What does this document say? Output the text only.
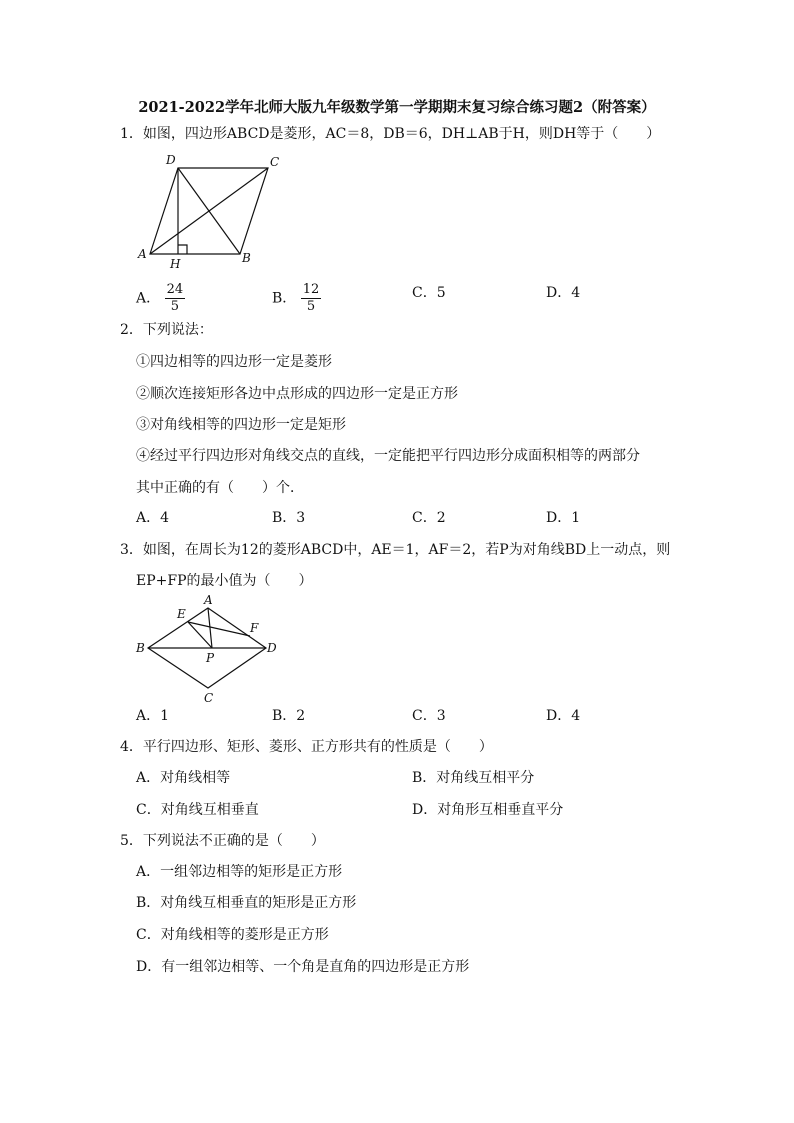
2021-2022学年北师大版九年级数学第一学期期末复习综合练习题2（附答案）
1．如图，四边形ABCD是菱形，AC＝8，DB＝6，DH⊥AB于H，则DH等于（　　）
D	C
A
H	B
A． $\frac{24}{5}$	B． $\frac{12}{5}$	C．5	D．4
2．下列说法：
①四边相等的四边形一定是菱形
②顺次连接矩形各边中点形成的四边形一定是正方形
③对角线相等的四边形一定是矩形
④经过平行四边形对角线交点的直线，一定能把平行四边形分成面积相等的两部分
其中正确的有（　　）个．
A．4	B．3	C．2	D．1
3．如图，在周长为12的菱形ABCD中，AE＝1，AF＝2，若P为对角线BD上一动点，则
EP+FP的最小值为（　　）
A
E
F
B
P
D
C
A．1	B．2	C．3	D．4
4．平行四边形、矩形、菱形、正方形共有的性质是（　　）
A．对角线相等	B．对角线互相平分
C．对角线互相垂直	D．对角形互相垂直平分
5．下列说法不正确的是（　　）
A．一组邻边相等的矩形是正方形
B．对角线互相垂直的矩形是正方形
C．对角线相等的菱形是正方形
D．有一组邻边相等、一个角是直角的四边形是正方形
